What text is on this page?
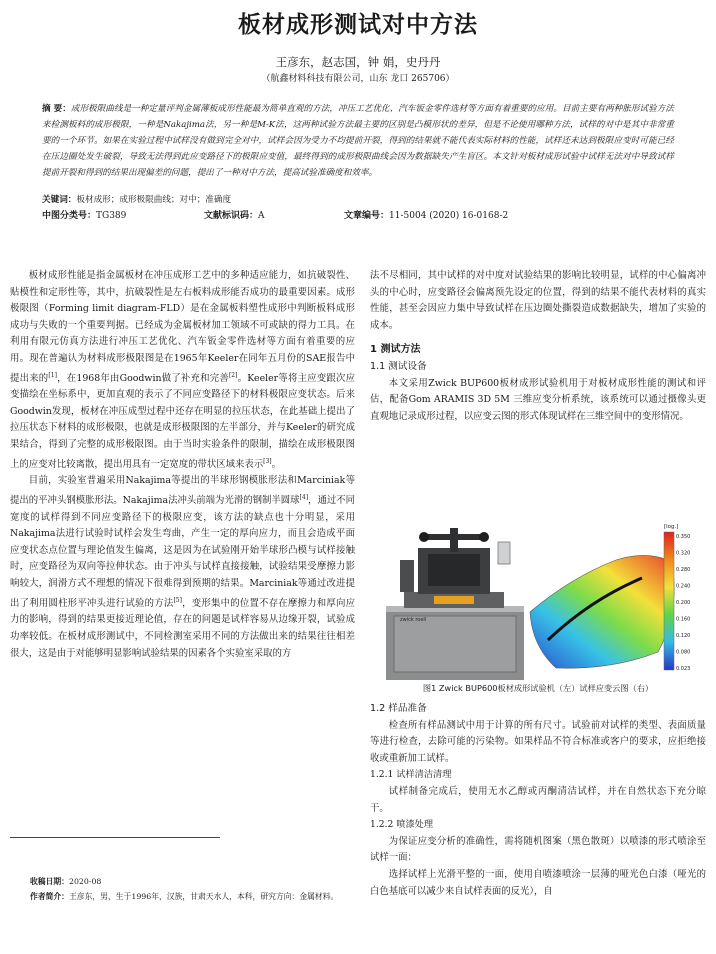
板材成形测试对中方法
王彦东，赵志国，钟 娟，史丹丹
（航鑫材料科技有限公司，山东 龙口 265706）
摘 要：成形极限曲线是一种定量评判金属薄板成形性能最为简单直观的方法，冲压工艺优化、汽车钣金零件选材等方面有着重要的应用。目前主要有两种胀形试验方法来检测板料的成形极限，一种是Nakajima法，另一种是M-K法，这两种试验方法最主要的区别是凸模形状的差异，但是不论使用哪种方法，试样的对中是其中非常重要的一个环节。如果在实验过程中试样没有做到完全对中，试样会因为受力不均提前开裂，得到的结果就不能代表实际材料的性能，试样还未达到极限应变时可能已经在压边圈处发生破裂，导致无法得到此应变路径下的极限应变值，最终得到的成形极限曲线会因为数据缺失产生盲区。本文针对板材成形试验中试样无法对中导致试样提前开裂和得到的结果出现偏差的问题，提出了一种对中方法，提高试验准确度和效率。
关键词：板材成形；成形极限曲线；对中；准确度
中图分类号：TG389	文献标识码：A	文章编号：11-5004 (2020) 16-0168-2

板材成形性能是指金属板材在冲压成形工艺中的多种适应能力，如抗破裂性、贴模性和定形性等，其中，抗破裂性是左右板料成形能否成功的最重要因素。成形极限图（Forming limit diagram-FLD）是在金属板料塑性成形中判断板料成形成功与失败的一个重要判据。已经成为金属板材加工领域不可或缺的得力工具。在利用有限元仿真方法进行冲压工艺优化、汽车钣金零件选材等方面有着重要的应用。现在普遍认为材料成形极限图是在1965年Keeler在同年五月份的SAE报告中提出来的[1]，在1968年由Goodwin做了补充和完善[2]。Keeler等将主应变跟次应变描绘在坐标系中，更加直观的表示了不同应变路径下的材料极限应变状态。后来Goodwin发现，板材在冲压成型过程中还存在明显的拉压状态，在此基础上提出了拉压状态下材料的成形极限，也就是成形极限图的左半部分，并与Keeler的研究成果结合，得到了完整的成形极限图。由于当时实验条件的限制，描绘在成形极限图上的应变对比较离散，提出用具有一定宽度的带状区域来表示[3]。

目前，实验室普遍采用Nakajima等提出的半球形钢模胀形法和Marciniak等提出的平冲头钢模胀形法。Nakajima法冲头前端为光滑的钢制半圆球[4]，通过不同宽度的试样得到不同应变路径下的极限应变，该方法的缺点也十分明显，采用Nakajima法进行试验时试样会发生弯曲，产生一定的厚向应力，而且会造成平面应变状态点位置与理论值发生偏离，这是因为在试验刚开始半球形凸模与试样接触时，应变路径为双向等拉伸状态。由于冲头与试样直接接触，试验结果受摩擦力影响较大，润滑方式不理想的情况下很难得到预期的结果。Marciniak等通过改进提出了利用圆柱形平冲头进行试验的方法[5]，变形集中的位置不存在摩擦力和厚向应力的影响，得到的结果更接近理论值，存在的问题是试样容易从边缘开裂，试验成功率较低。在板材成形测试中，不同检测室采用不同的方法做出来的结果往往相差很大，这是由于对能够明显影响试验结果的因素各个实验室采取的方

法不尽相同，其中试样的对中度对试验结果的影响比较明显，试样的中心偏离冲头的中心时，应变路径会偏离预先设定的位置，得到的结果不能代表材料的真实性能，甚至会因应力集中导致试样在压边圈处撕裂造成数据缺失，增加了实验的成本。

1 测试方法

1.1 测试设备

本文采用Zwick BUP600板材成形试验机用于对板材成形性能的测试和评估，配备Gom ARAMIS 3D 5M 三维应变分析系统，该系统可以通过摄像头更直观地记录成形过程，以应变云图的形式体现试样在三维空间中的变形情况。

zwick roell
[log.]
0.350
0.320
0.280
0.240
0.200
0.160
0.120
0.080
0.023
图1 Zwick BUP600板材成形试验机（左）试样应变云图（右）

1.2 样品准备

检查所有样品测试中用于计算的所有尺寸。试验前对试样的类型、表面质量等进行检查，去除可能的污染物。如果样品不符合标准或客户的要求，应拒绝接收或重新加工试样。

1.2.1 试样清洁清理

试样制备完成后，使用无水乙醇或丙酮清洁试样，并在自然状态下充分晾干。

1.2.2 喷漆处理

为保证应变分析的准确性，需将随机图案（黑色散斑）以喷漆的形式喷涂至试样一面：

选择试样上光滑平整的一面，使用自喷漆喷涂一层薄的哑光色白漆（哑光的白色基底可以减少来自试样表面的反光），自

收稿日期：2020-08
作者简介：王彦东，男，生于1996年，汉族，甘肃天水人，本科，研究方向：金属材料。
